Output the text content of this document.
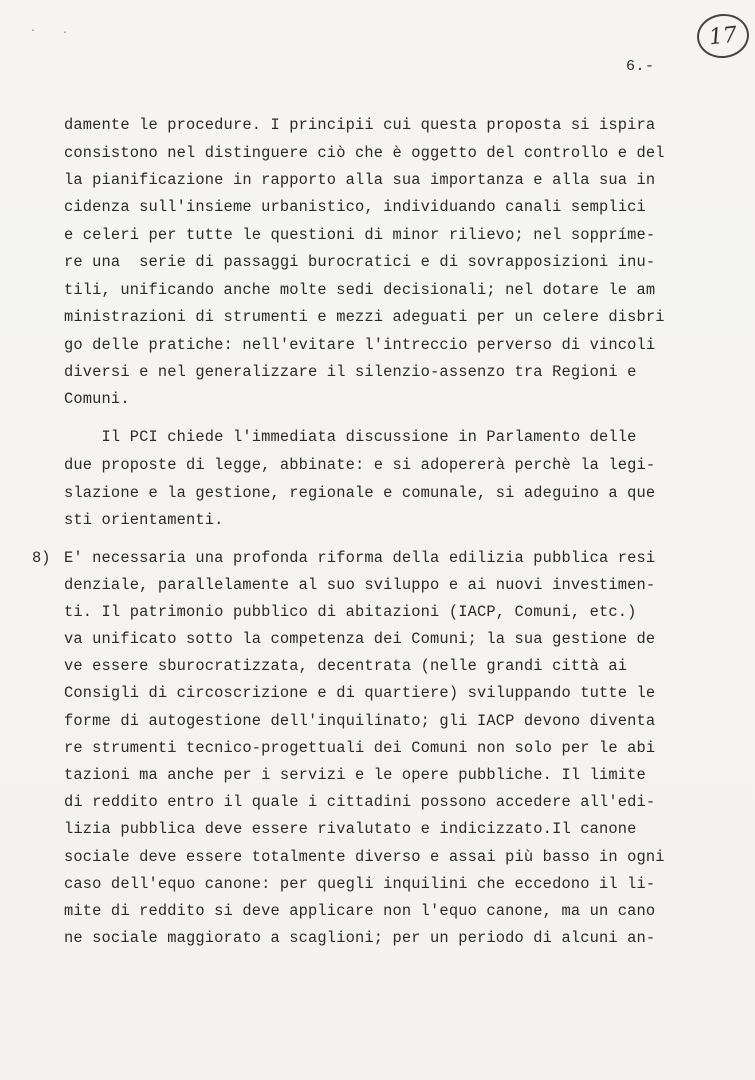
· .	17
6.-
damente le procedure. I principii cui questa proposta si ispira
consistono nel distinguere ciò che è oggetto del controllo e del
la pianificazione in rapporto alla sua importanza e alla sua in
cidenza sull'insieme urbanistico, individuando canali semplici
e celeri per tutte le questioni di minor rilievo; nel soppríme-
re una  serie di passaggi burocratici e di sovrapposizioni inu-
tili, unificando anche molte sedi decisionali; nel dotare le am
ministrazioni di strumenti e mezzi adeguati per un celere disbri
go delle pratiche: nell'evitare l'intreccio perverso di vincoli
diversi e nel generalizzare il silenzio-assenzo tra Regioni e
Comuni.
Il PCI chiede l'immediata discussione in Parlamento delle
due proposte di legge, abbinate: e si adopererà perchè la legi-
slazione e la gestione, regionale e comunale, si adeguino a que
sti orientamenti.
E' necessaria una profonda riforma della edilizia pubblica resi
denziale, parallelamente al suo sviluppo e ai nuovi investimen-
ti. Il patrimonio pubblico di abitazioni (IACP, Comuni, etc.)
va unificato sotto la competenza dei Comuni; la sua gestione de
ve essere sburocratizzata, decentrata (nelle grandi città ai
Consigli di circoscrizione e di quartiere) sviluppando tutte le
forme di autogestione dell'inquilinato; gli IACP devono diventa
re strumenti tecnico-progettuali dei Comuni non solo per le abi
tazioni ma anche per i servizi e le opere pubbliche. Il limite
di reddito entro il quale i cittadini possono accedere all'edi-
lizia pubblica deve essere rivalutato e indicizzato.Il canone
sociale deve essere totalmente diverso e assai più basso in ogni
caso dell'equo canone: per quegli inquilini che eccedono il li-
mite di reddito si deve applicare non l'equo canone, ma un cano
ne sociale maggiorato a scaglioni; per un periodo di alcuni an-
8)
